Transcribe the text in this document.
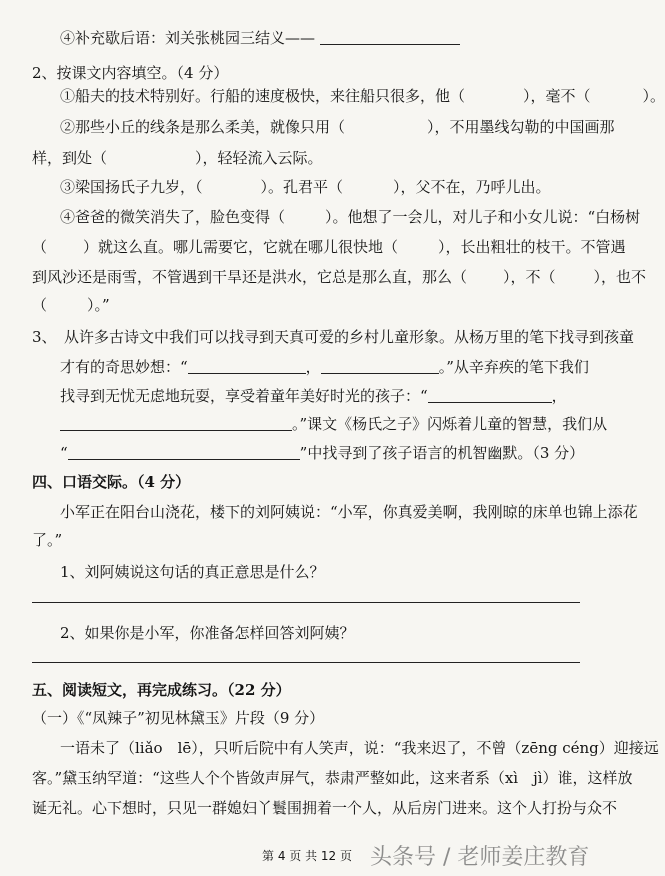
④补充歇后语：刘关张桃园三结义——
2、按课文内容填空。（4 分）
①船夫的技术特别好。行船的速度极快，来往船只很多，他（	），毫不（	）。
②那些小丘的线条是那么柔美，就像只用（	），不用墨线勾勒的中国画那
样，到处（	），轻轻流入云际。
③梁国扬氏子九岁，（	）。孔君平（	），父不在，乃呼儿出。
④爸爸的微笑消失了，脸色变得（	）。他想了一会儿，对儿子和小女儿说：“白杨树
（ ）就这么直。哪儿需要它，它就在哪儿很快地（	），长出粗壮的枝干。不管遇
到风沙还是雨雪，不管遇到干旱还是洪水，它总是那么直，那么（ ），不（	），也不
（	）。”
3、　从许多古诗文中我们可以找寻到天真可爱的乡村儿童形象。从杨万里的笔下找寻到孩童
才有的奇思妙想：“	，	。”从辛弃疾的笔下我们
找寻到无忧无虑地玩耍，享受着童年美好时光的孩子：“	，
。”课文《杨氏之子》闪烁着儿童的智慧，我们从
“	”中找寻到了孩子语言的机智幽默。（3 分）
四、口语交际。（4 分）
小军正在阳台山浇花，楼下的刘阿姨说：“小军，你真爱美啊，我刚晾的床单也锦上添花
了。”
1、刘阿姨说这句话的真正意思是什么？
2、如果你是小军，你准备怎样回答刘阿姨？
五、阅读短文，再完成练习。（22 分）
（一）《“凤辣子”初见林黛玉》片段（9 分）
一语未了（liǎo　lē），只听后院中有人笑声，说：“我来迟了，不曾（zēng céng）迎接远
客。”黛玉纳罕道：“这些人个个皆敛声屏气，恭肃严整如此，这来者系（xì　jì）谁，这样放
诞无礼。心下想时，只见一群媳妇丫鬟围拥着一个人，从后房门进来。这个人打扮与众不
第 4 页 共 12 页 头条号 / 老师姜庄教育
